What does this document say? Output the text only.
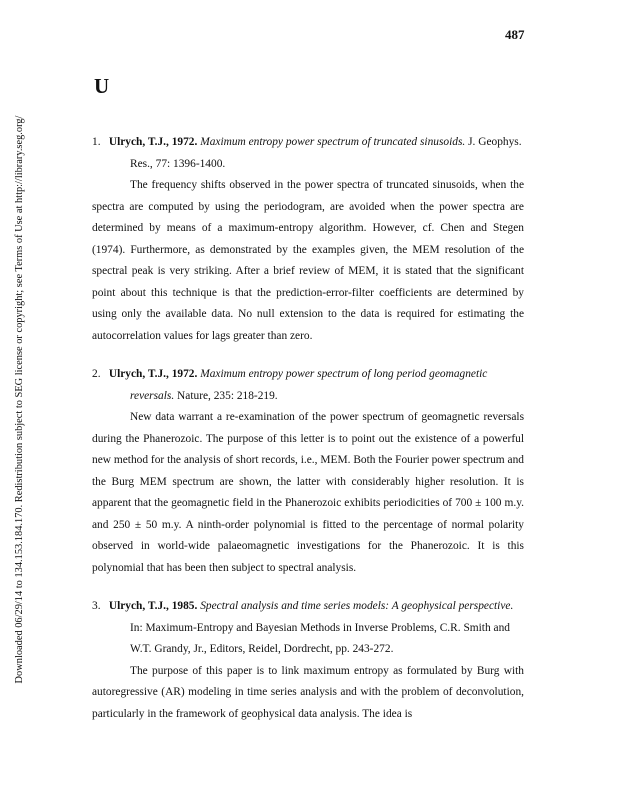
487
U
Downloaded 06/29/14 to 134.153.184.170. Redistribution subject to SEG license or copyright; see Terms of Use at http://library.seg.org/	1. Ulrych, T.J., 1972. Maximum entropy power spectrum of truncated sinusoids. J. Geophys. Res., 77: 1396-1400.

The frequency shifts observed in the power spectra of truncated sinusoids, when the spectra are computed by using the periodogram, are avoided when the power spectra are determined by means of a maximum-entropy algorithm. However, cf. Chen and Stegen (1974). Furthermore, as demonstrated by the examples given, the MEM resolution of the spectral peak is very striking. After a brief review of MEM, it is stated that the significant point about this technique is that the prediction-error-filter coefficients are determined by using only the available data. No null extension to the data is required for estimating the autocorrelation values for lags greater than zero.

2. Ulrych, T.J., 1972. Maximum entropy power spectrum of long period geomagnetic reversals. Nature, 235: 218-219.

New data warrant a re-examination of the power spectrum of geomagnetic reversals during the Phanerozoic. The purpose of this letter is to point out the existence of a powerful new method for the analysis of short records, i.e., MEM. Both the Fourier power spectrum and the Burg MEM spectrum are shown, the latter with considerably higher resolution. It is apparent that the geomagnetic field in the Phanerozoic exhibits periodicities of 700 ± 100 m.y. and 250 ± 50 m.y. A ninth-order polynomial is fitted to the percentage of normal polarity observed in world-wide palaeomagnetic investigations for the Phanerozoic. It is this polynomial that has been then subject to spectral analysis.

3. Ulrych, T.J., 1985. Spectral analysis and time series models: A geophysical perspective. In: Maximum-Entropy and Bayesian Methods in Inverse Problems, C.R. Smith and W.T. Grandy, Jr., Editors, Reidel, Dordrecht, pp. 243-272.

The purpose of this paper is to link maximum entropy as formulated by Burg with autoregressive (AR) modeling in time series analysis and with the problem of deconvolution, particularly in the framework of geophysical data analysis. The idea is
